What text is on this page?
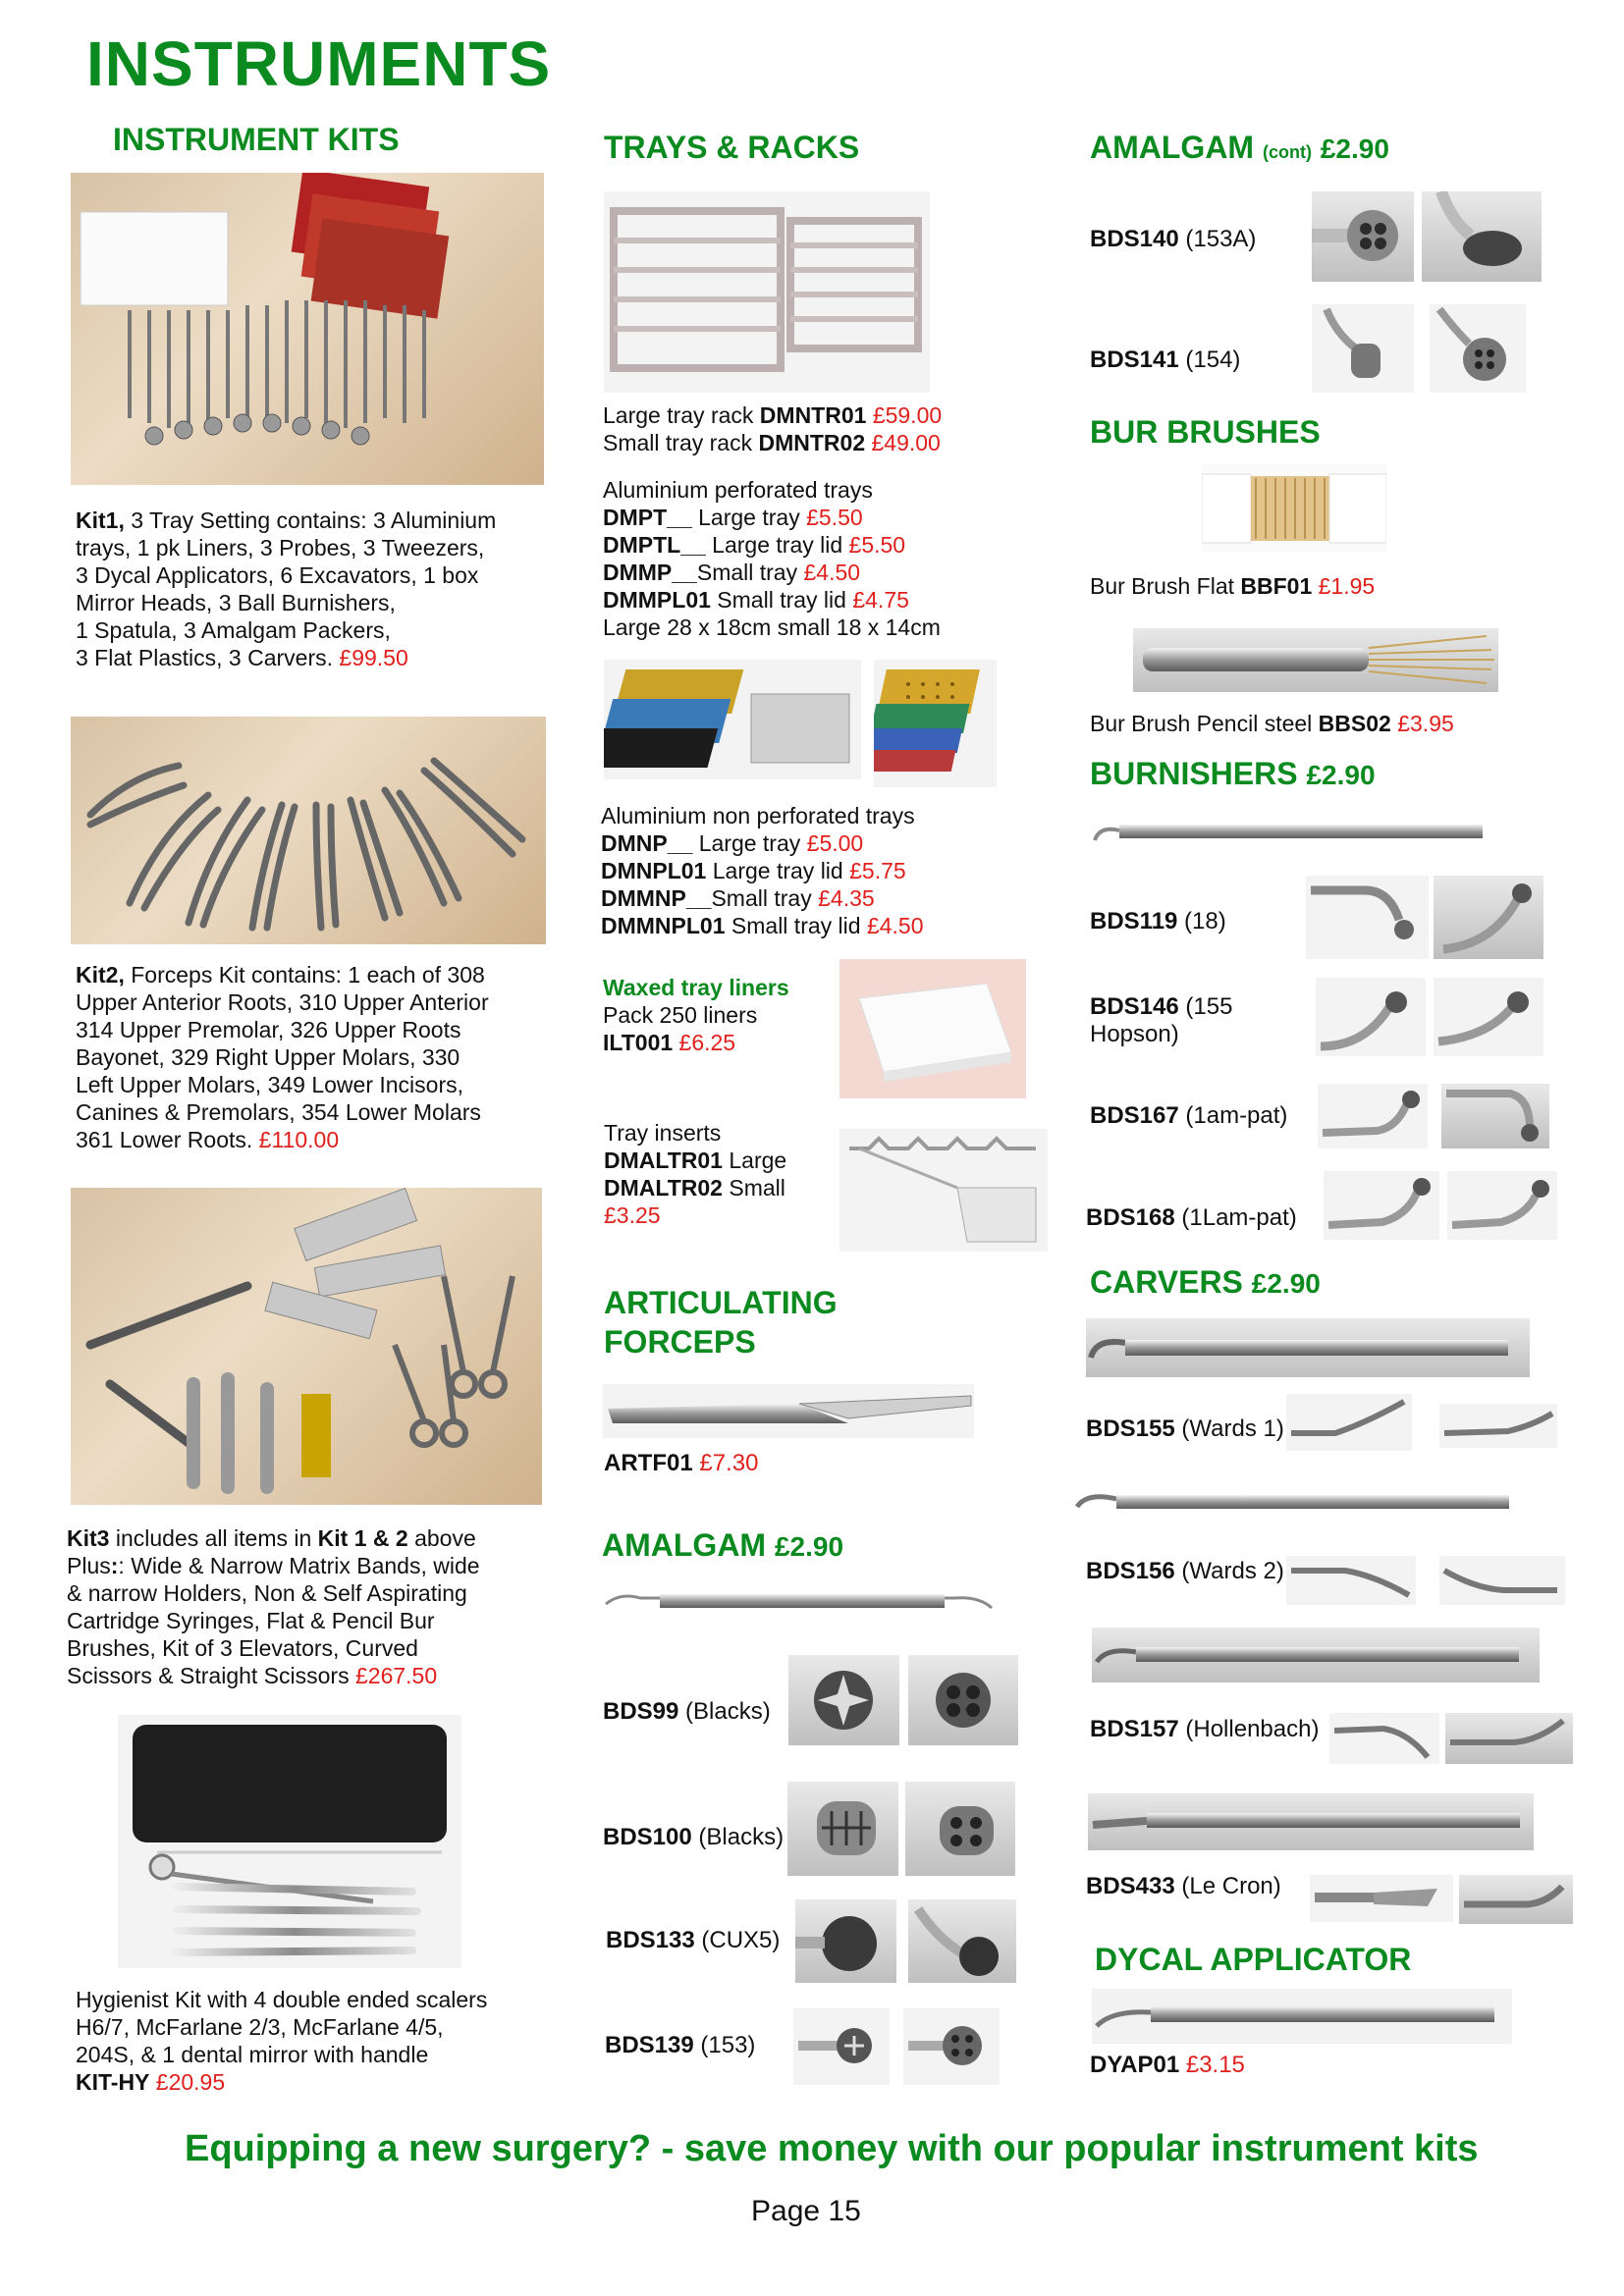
INSTRUMENTS
INSTRUMENT KITS
Kit1, 3 Tray Setting contains: 3 Aluminium
trays, 1 pk Liners, 3 Probes, 3 Tweezers,
3 Dycal Applicators, 6 Excavators, 1 box
Mirror Heads, 3 Ball Burnishers,
1 Spatula, 3 Amalgam Packers,
3 Flat Plastics, 3 Carvers. £99.50
Kit2, Forceps Kit contains: 1 each of 308
Upper Anterior Roots, 310 Upper Anterior
314 Upper Premolar, 326 Upper Roots
Bayonet, 329 Right Upper Molars, 330
Left Upper Molars, 349 Lower Incisors,
Canines & Premolars, 354 Lower Molars
361 Lower Roots. £110.00
Kit3 includes all items in Kit 1 & 2 above
Plus:: Wide & Narrow Matrix Bands, wide
& narrow Holders, Non & Self Aspirating
Cartridge Syringes, Flat & Pencil Bur
Brushes, Kit of 3 Elevators, Curved
Scissors & Straight Scissors £267.50
Hygienist Kit with 4 double ended scalers
H6/7, McFarlane 2/3, McFarlane 4/5,
204S, & 1 dental mirror with handle
KIT-HY £20.95
TRAYS & RACKS
Large tray rack DMNTR01 £59.00
Small tray rack DMNTR02 £49.00
Aluminium perforated trays
DMPT__ Large tray £5.50
DMPTL__ Large tray lid £5.50
DMMP__Small tray £4.50
DMMPL01 Small tray lid £4.75
Large 28 x 18cm small 18 x 14cm
Aluminium non perforated trays
DMNP__ Large tray £5.00
DMNPL01 Large tray lid £5.75
DMMNP__Small tray £4.35
DMMNPL01 Small tray lid £4.50
Waxed tray liners
Pack 250 liners
ILT001 £6.25
Tray inserts
DMALTR01 Large
DMALTR02 Small
£3.25
ARTICULATING
FORCEPS
ARTF01 £7.30
AMALGAM £2.90
BDS99 (Blacks)
BDS100 (Blacks)
BDS133 (CUX5)
BDS139 (153)
AMALGAM (cont) £2.90
BDS140 (153A)
BDS141 (154)
BUR BRUSHES
Bur Brush Flat BBF01 £1.95
Bur Brush Pencil steel BBS02 £3.95
BURNISHERS £2.90
BDS119 (18)
BDS146 (155
Hopson)
BDS167 (1am-pat)
BDS168 (1Lam-pat)
CARVERS £2.90
BDS155 (Wards 1)
BDS156 (Wards 2)
BDS157 (Hollenbach)
BDS433 (Le Cron)
DYCAL APPLICATOR
DYAP01 £3.15
Equipping a new surgery? - save money with our popular instrument kits
Page 15
